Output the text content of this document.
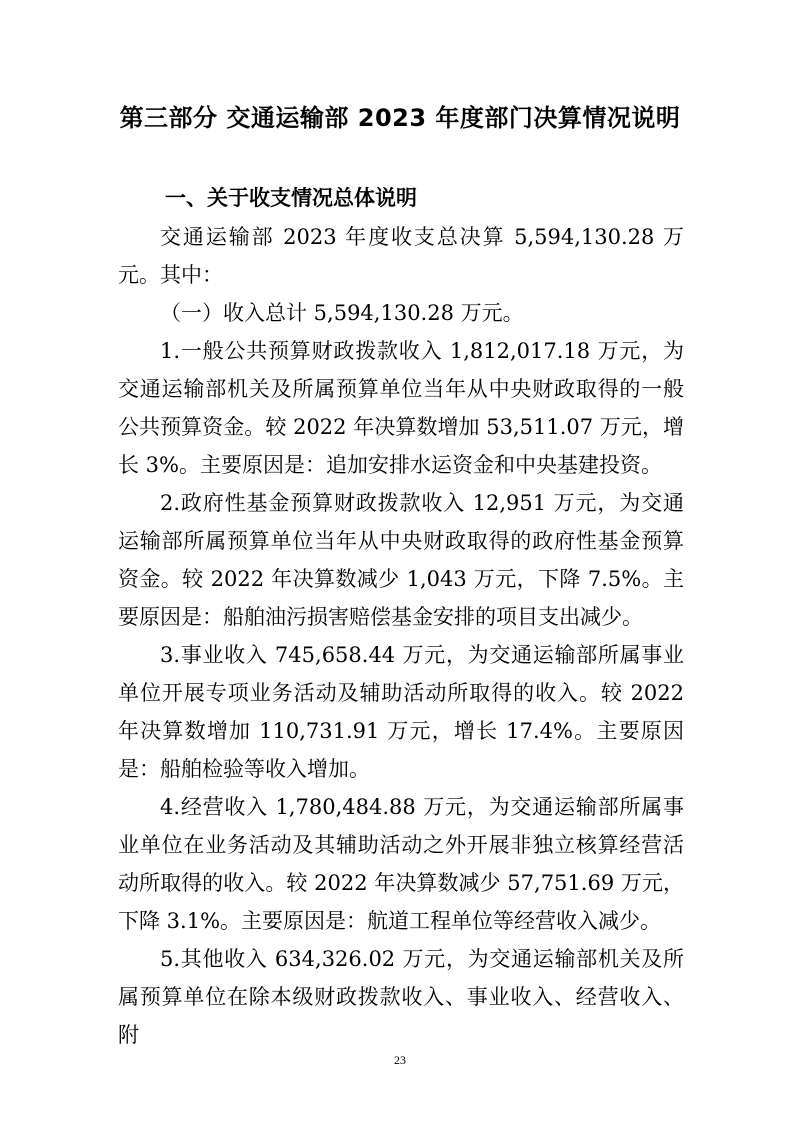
第三部分 交通运输部 2023 年度部门决算情况说明
一、关于收支情况总体说明

交通运输部 2023 年度收支总决算 5,594,130.28 万元。其中：

（一）收入总计 5,594,130.28 万元。

1.一般公共预算财政拨款收入 1,812,017.18 万元，为交通运输部机关及所属预算单位当年从中央财政取得的一般公共预算资金。较 2022 年决算数增加 53,511.07 万元，增长 3%。主要原因是：追加安排水运资金和中央基建投资。

2.政府性基金预算财政拨款收入 12,951 万元，为交通运输部所属预算单位当年从中央财政取得的政府性基金预算资金。较 2022 年决算数减少 1,043 万元，下降 7.5%。主要原因是：船舶油污损害赔偿基金安排的项目支出减少。

3.事业收入 745,658.44 万元，为交通运输部所属事业单位开展专项业务活动及辅助活动所取得的收入。较 2022 年决算数增加 110,731.91 万元，增长 17.4%。主要原因是：船舶检验等收入增加。

4.经营收入 1,780,484.88 万元，为交通运输部所属事业单位在业务活动及其辅助活动之外开展非独立核算经营活动所取得的收入。较 2022 年决算数减少 57,751.69 万元，下降 3.1%。主要原因是：航道工程单位等经营收入减少。

5.其他收入 634,326.02 万元，为交通运输部机关及所属预算单位在除本级财政拨款收入、事业收入、经营收入、附

23
